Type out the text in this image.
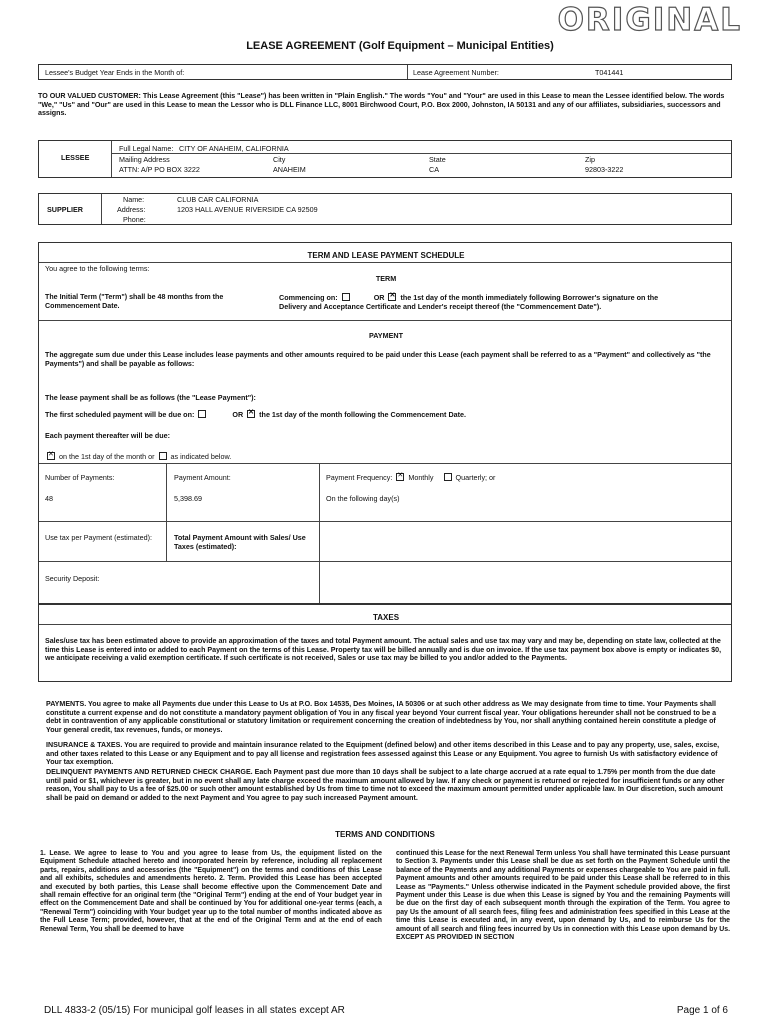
ORIGINAL
LEASE AGREEMENT (Golf Equipment – Municipal Entities)
Lessee's Budget Year Ends in the Month of:	Lease Agreement Number:	T041441
TO OUR VALUED CUSTOMER: This Lease Agreement (this "Lease") has been written in "Plain English." The words "You" and "Your" are used in this Lease to mean the Lessee identified below. The words "We," "Us" and "Our" are used in this Lease to mean the Lessor who is DLL Finance LLC, 8001 Birchwood Court, P.O. Box 2000, Johnston, IA 50131 and any of our affiliates, subsidiaries, successors and assigns.
LESSEE
Full Legal Name: CITY OF ANAHEIM, CALIFORNIA
Mailing Address
ATTN: A/P PO BOX 3222
City
ANAHEIM
State
CA
Zip
92803-3222
SUPPLIER
Name:	CLUB CAR CALIFORNIA
Address:	1203 HALL AVENUE RIVERSIDE CA 92509
Phone:
TERM AND LEASE PAYMENT SCHEDULE
You agree to the following terms:
TERM
The Initial Term ("Term") shall be 48 months from the Commencement Date.
Commencing on:	OR ✕ the 1st day of the month immediately following Borrower's signature on the
Delivery and Acceptance Certificate and Lender's receipt thereof (the "Commencement Date").
PAYMENT
The aggregate sum due under this Lease includes lease payments and other amounts required to be paid under this Lease (each payment shall be referred to as a "Payment" and collectively as "the Payments") and shall be payable as follows:
The lease payment shall be as follows (the "Lease Payment"):
The first scheduled payment will be due on:	OR ✕ the 1st day of the month following the Commencement Date.
Each payment thereafter will be due:
✕ on the 1st day of the month or as indicated below.
Number of Payments:
48
Payment Amount:
5,398.69
Payment Frequency: ✕ Monthly	Quarterly; or
On the following day(s)
Use tax per Payment (estimated):	Total Payment Amount with Sales/ Use Taxes (estimated):
Security Deposit:
TAXES
Sales/use tax has been estimated above to provide an approximation of the taxes and total Payment amount. The actual sales and use tax may vary and may be, depending on state law, collected at the time this Lease is entered into or added to each Payment on the terms of this Lease. Property tax will be billed annually and is due on invoice. If the use tax payment box above is empty or indicates $0, we anticipate receiving a valid exemption certificate. If such certificate is not received, Sales or use tax may be billed to you and/or added to the Payments.
PAYMENTS. You agree to make all Payments due under this Lease to Us at P.O. Box 14535, Des Moines, IA 50306 or at such other address as We may designate from time to time. Your Payments shall constitute a current expense and do not constitute a mandatory payment obligation of You in any fiscal year beyond Your current fiscal year. Your obligations hereunder shall not be construed to be a debt in contravention of any applicable constitutional or statutory limitation or requirement concerning the creation of indebtedness by You, nor shall anything contained herein constitute a pledge of Your general credit, tax revenues, funds, or moneys.
INSURANCE & TAXES. You are required to provide and maintain insurance related to the Equipment (defined below) and other items described in this Lease and to pay any property, use, sales, excise, and other taxes related to this Lease or any Equipment and to pay all license and registration fees assessed against this Lease or any Equipment. You agree to furnish Us with satisfactory evidence of Your tax exemption.
DELINQUENT PAYMENTS AND RETURNED CHECK CHARGE. Each Payment past due more than 10 days shall be subject to a late charge accrued at a rate equal to 1.75% per month from the due date until paid or $1, whichever is greater, but in no event shall any late charge exceed the maximum amount allowed by law. If any check or payment is returned or rejected for insufficient funds or any other reason, You shall pay to Us a fee of $25.00 or such other amount established by Us from time to time not to exceed the maximum amount permitted under applicable law. In Our discretion, such amount shall be paid on demand or added to the next Payment and You agree to pay such increased Payment amount.
TERMS AND CONDITIONS
1. Lease. We agree to lease to You and you agree to lease from Us, the equipment listed on the Equipment Schedule attached hereto and incorporated herein by reference, including all replacement parts, repairs, additions and accessories (the "Equipment") on the terms and conditions of this Lease and all exhibits, schedules and amendments hereto. 2. Term. Provided this Lease has been accepted and executed by both parties, this Lease shall become effective upon the Commencement Date and shall remain effective for an original term (the "Original Term") ending at the end of Your budget year in effect on the Commencement Date and shall be continued by You for additional one-year terms (each, a "Renewal Term") coinciding with Your budget year up to the total number of months indicated above as the Full Lease Term; provided, however, that at the end of the Original Term and at the end of each Renewal Term, You shall be deemed to have
continued this Lease for the next Renewal Term unless You shall have terminated this Lease pursuant to Section 3. Payments under this Lease shall be due as set forth on the Payment Schedule until the balance of the Payments and any additional Payments or expenses chargeable to You are paid in full. Payment amounts and other amounts required to be paid under this Lease shall be referred to in this Lease as "Payments." Unless otherwise indicated in the Payment schedule provided above, the first Payment under this Lease is due when this Lease is signed by You and the remaining Payments will be due on the first day of each subsequent month through the expiration of the Term. You agree to pay Us the amount of all search fees, filing fees and administration fees specified in this Lease at the time this Lease is executed and, in any event, upon demand by Us, and to reimburse Us for the amount of all search and filing fees incurred by Us in connection with this Lease upon demand by Us. EXCEPT AS PROVIDED IN SECTION
DLL 4833-2 (05/15) For municipal golf leases in all states except AR	Page 1 of 6
